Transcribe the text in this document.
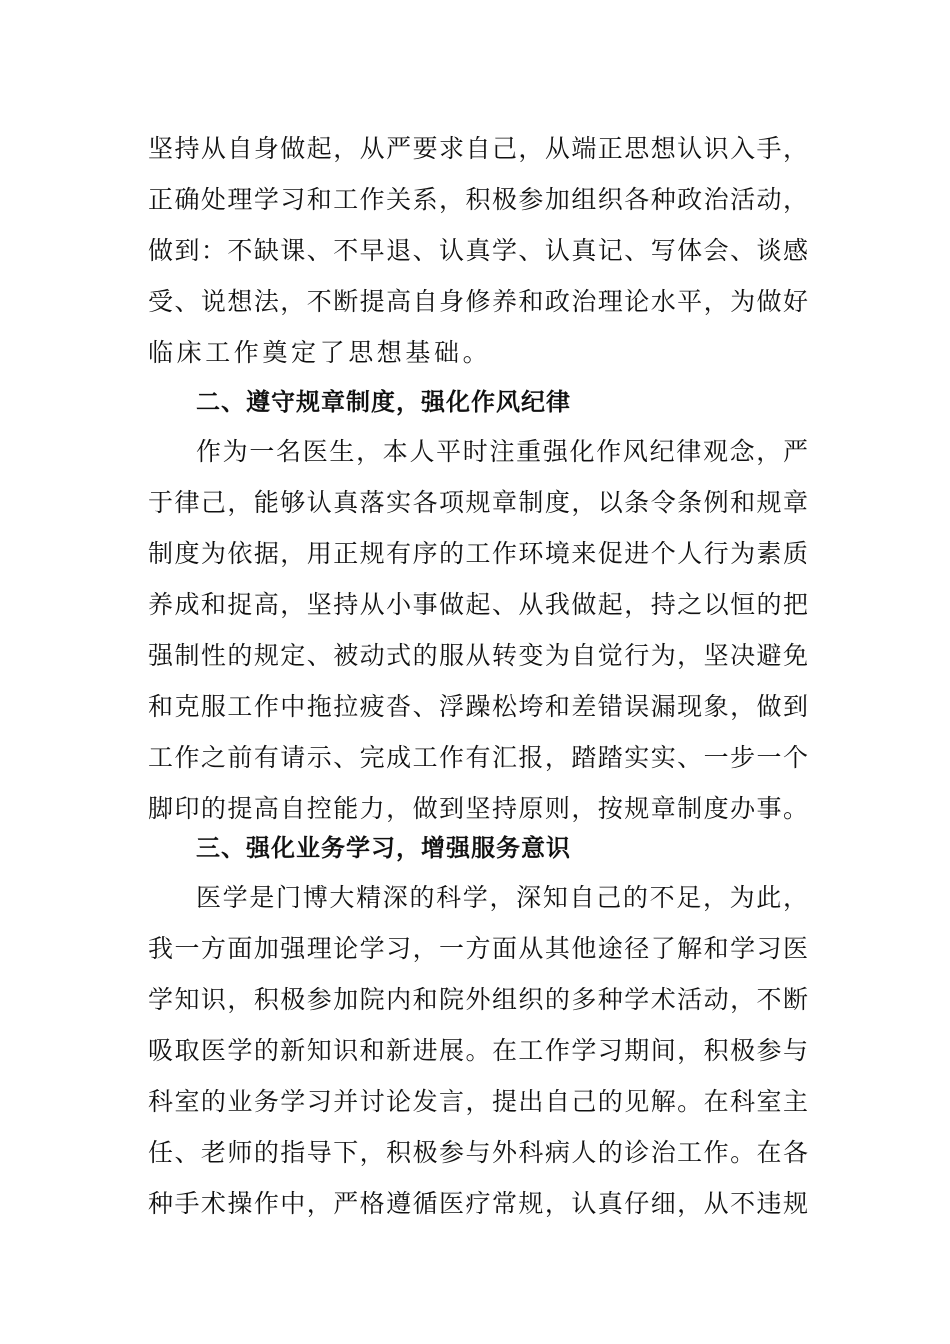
坚持从自身做起，从严要求自己，从端正思想认识入手，
正确处理学习和工作关系，积极参加组织各种政治活动，
做到：不缺课、不早退、认真学、认真记、写体会、谈感
受、说想法，不断提高自身修养和政治理论水平，为做好
临床工作奠定了思想基础。
二、遵守规章制度，强化作风纪律
作为一名医生，本人平时注重强化作风纪律观念，严
于律己，能够认真落实各项规章制度，以条令条例和规章
制度为依据，用正规有序的工作环境来促进个人行为素质
养成和捉高，坚持从小事做起、从我做起，持之以恒的把
强制性的规定、被动式的服从转变为自觉行为，坚决避免
和克服工作中拖拉疲沓、浮躁松垮和差错误漏现象，做到
工作之前有请示、完成工作有汇报，踏踏实实、一步一个
脚印的提高自控能力，做到坚持原则，按规章制度办事。
三、强化业务学习，增强服务意识
医学是门博大精深的科学，深知自己的不足，为此，
我一方面加强理论学习，一方面从其他途径了解和学习医
学知识，积极参加院内和院外组织的多种学术活动，不断
吸取医学的新知识和新进展。在工作学习期间，积极参与
科室的业务学习并讨论发言，提出自己的见解。在科室主
任、老师的指导下，积极参与外科病人的诊治工作。在各
种手术操作中，严格遵循医疗常规，认真仔细，从不违规
